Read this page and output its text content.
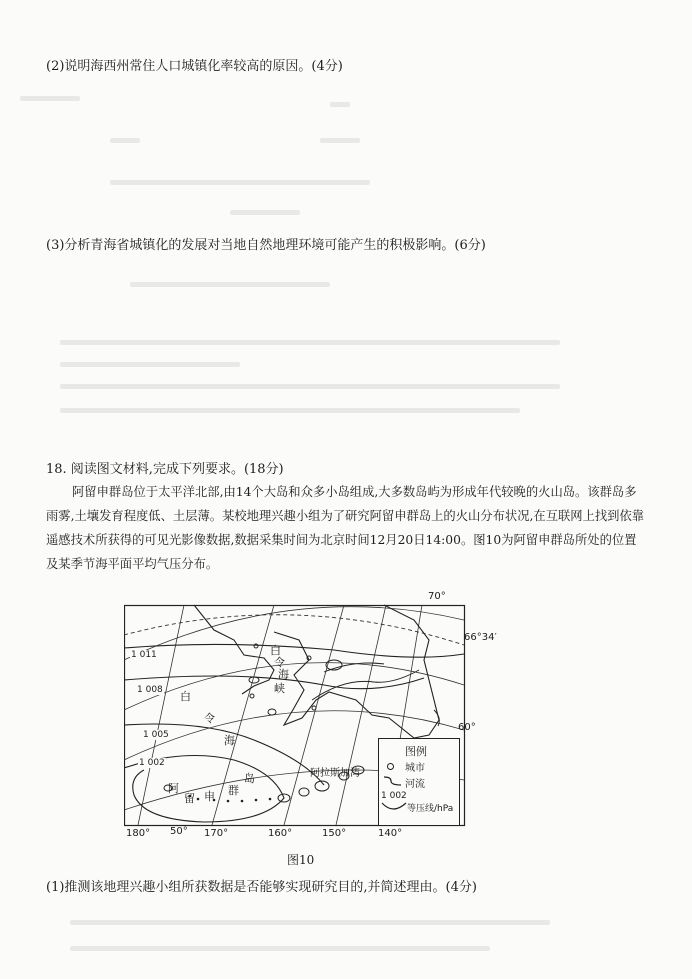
(2)说明海西州常住人口城镇化率较高的原因。(4分)
(3)分析青海省城镇化的发展对当地自然地理环境可能产生的积极影响。(6分)
18. 阅读图文材料,完成下列要求。(18分)
阿留申群岛位于太平洋北部,由14个大岛和众多小岛组成,大多数岛屿为形成年代较晚的火山岛。该群岛多雨雾,土壤发育程度低、土层薄。某校地理兴趣小组为了研究阿留申群岛上的火山分布状况,在互联网上找到依靠遥感技术所获得的可见光影像数据,数据采集时间为北京时间12月20日14:00。图10为阿留申群岛所处的位置及某季节海平面平均气压分布。
1 011
1 008
1 005
1 002
白
令
海
白
令
海
峡
阿拉斯加湾
阿
留 申 群
岛
50°
图例
城市
河流
1 002
等压线/hPa
70°
66°34′
60°
180°	170°	160°	150°	140°
图10
(1)推测该地理兴趣小组所获数据是否能够实现研究目的,并简述理由。(4分)
